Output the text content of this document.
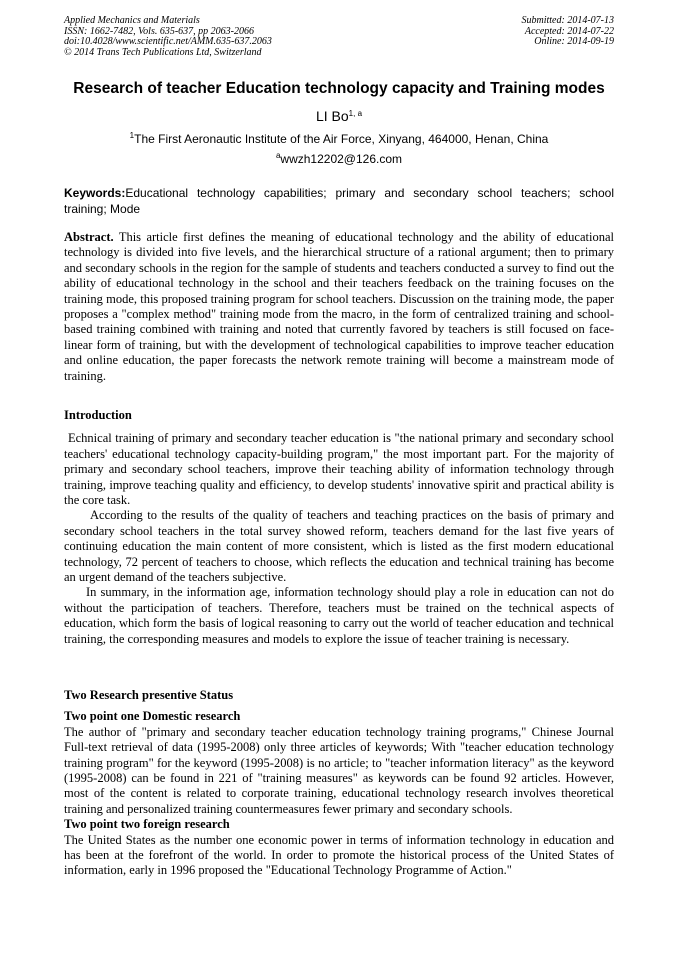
Applied Mechanics and Materials
ISSN: 1662-7482, Vols. 635-637, pp 2063-2066
doi:10.4028/www.scientific.net/AMM.635-637.2063
© 2014 Trans Tech Publications Ltd, Switzerland
Submitted: 2014-07-13
Accepted: 2014-07-22
Online: 2014-09-19
Research of teacher Education technology capacity and Training modes
LI Bo$^{1, a}$
$^1$The First Aeronautic Institute of the Air Force, Xinyang, 464000, Henan, China
$^a$wwzh12202@126.com
Keywords:Educational technology capabilities; primary and secondary school teachers; school training; Mode

Abstract. This article first defines the meaning of educational technology and the ability of educational technology is divided into five levels, and the hierarchical structure of a rational argument; then to primary and secondary schools in the region for the sample of students and teachers conducted a survey to find out the ability of educational technology in the school and their teachers feedback on the training focuses on the training mode, this proposed training program for school teachers. Discussion on the training mode, the paper proposes a "complex method" training mode from the macro, in the form of centralized training and school-based training combined with training and noted that currently favored by teachers is still focused on face-linear form of training, but with the development of technological capabilities to improve teacher education and online education, the paper forecasts the network remote training will become a mainstream mode of training.

Introduction

Echnical training of primary and secondary teacher education is "the national primary and secondary school teachers' educational technology capacity-building program," the most important part. For the majority of primary and secondary school teachers, improve their teaching ability of information technology through training, improve teaching quality and efficiency, to develop students' innovative spirit and practical ability is the core task.

According to the results of the quality of teachers and teaching practices on the basis of primary and secondary school teachers in the total survey showed reform, teachers demand for the last five years of continuing education the main content of more consistent, which is listed as the first modern educational technology, 72 percent of teachers to choose, which reflects the education and technical training has become an urgent demand of the teachers subjective.

In summary, in the information age, information technology should play a role in education can not do without the participation of teachers. Therefore, teachers must be trained on the technical aspects of education, which form the basis of logical reasoning to carry out the world of teacher education and technical training, the corresponding measures and models to explore the issue of teacher training is necessary.

Two Research presentive Status

Two point one Domestic research

The author of "primary and secondary teacher education technology training programs," Chinese Journal Full-text retrieval of data (1995-2008) only three articles of keywords; With "teacher education technology training program" for the keyword (1995-2008) is no article; to "teacher information literacy" as the keyword (1995-2008) can be found in 221 of "training measures" as keywords can be found 92 articles. However, most of the content is related to corporate training, educational technology research involves theoretical training and personalized training countermeasures fewer primary and secondary schools.

Two point two foreign research

The United States as the number one economic power in terms of information technology in education and has been at the forefront of the world. In order to promote the historical process of the United States of information, early in 1996 proposed the "Educational Technology Programme of Action."
